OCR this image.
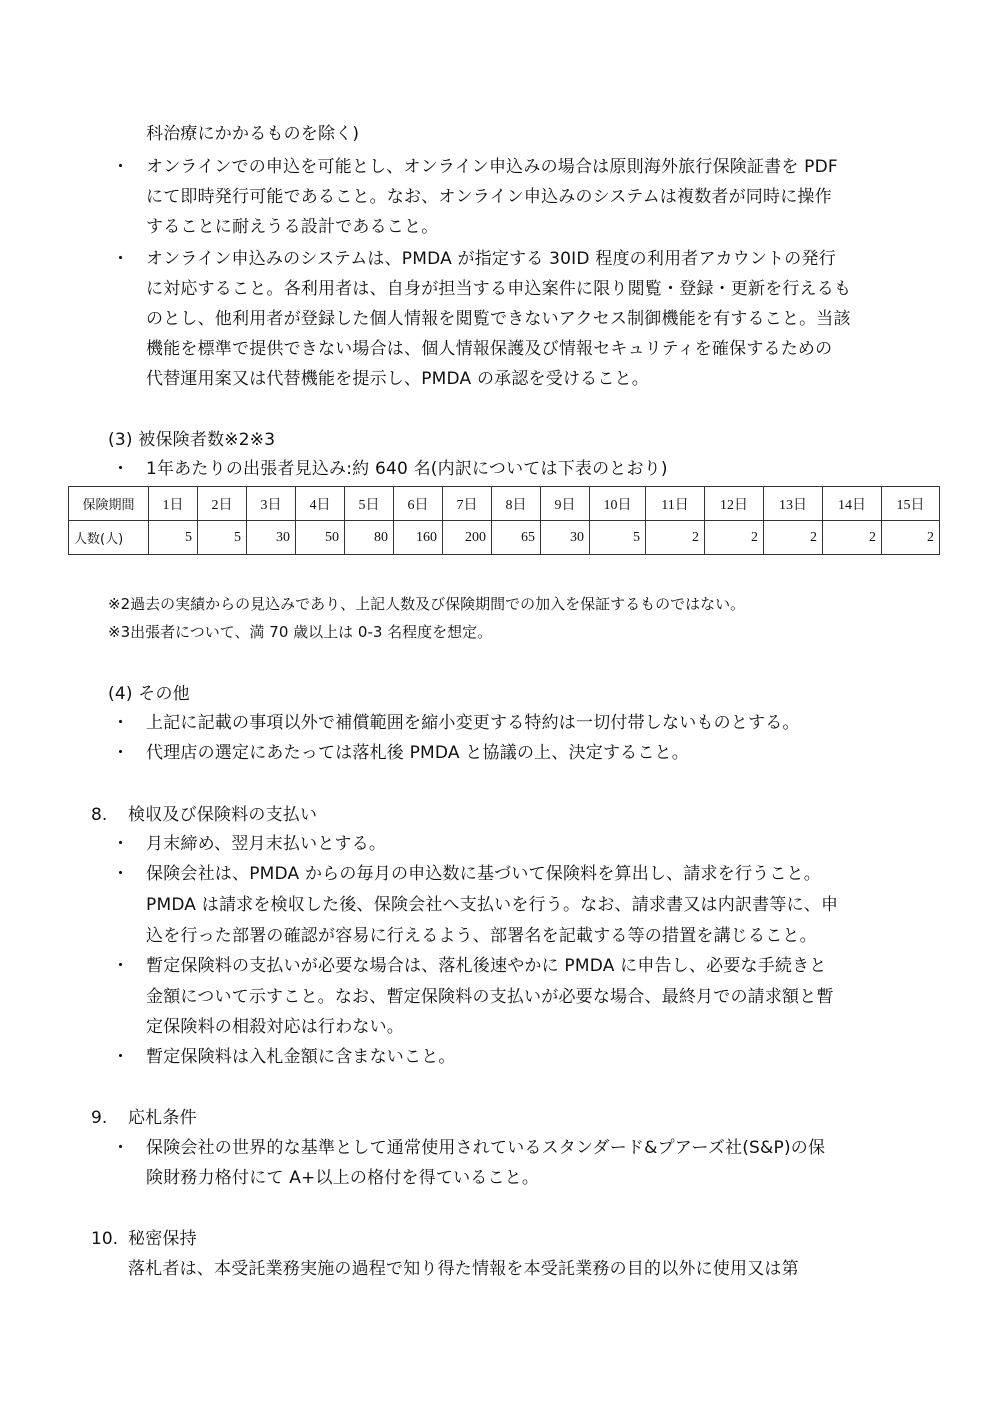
科治療にかかるものを除く)
・ オンラインでの申込を可能とし、オンライン申込みの場合は原則海外旅行保険証書を PDF
にて即時発行可能であること。なお、オンライン申込みのシステムは複数者が同時に操作
することに耐えうる設計であること。
・ オンライン申込みのシステムは、PMDA が指定する 30ID 程度の利用者アカウントの発行
に対応すること。各利用者は、自身が担当する申込案件に限り閲覧・登録・更新を行えるも
のとし、他利用者が登録した個人情報を閲覧できないアクセス制御機能を有すること。当該
機能を標準で提供できない場合は、個人情報保護及び情報セキュリティを確保するための
代替運用案又は代替機能を提示し、PMDA の承認を受けること。
(3) 被保険者数※2※3
・ 1年あたりの出張者見込み:約 640 名(内訳については下表のとおり)
保険期間	1日	2日	3日	4日	5日	6日	7日	8日	9日	10日	11日	12日	13日	14日	15日
人数(人)	5	5	30	50	80	160	200	65	30	5	2	2	2	2	2
※2過去の実績からの見込みであり、上記人数及び保険期間での加入を保証するものではない。
※3出張者について、満 70 歳以上は 0-3 名程度を想定。
(4) その他
・ 上記に記載の事項以外で補償範囲を縮小変更する特約は一切付帯しないものとする。
・ 代理店の選定にあたっては落札後 PMDA と協議の上、決定すること。
8. 検収及び保険料の支払い
・ 月末締め、翌月末払いとする。
・ 保険会社は、PMDA からの毎月の申込数に基づいて保険料を算出し、請求を行うこと。
PMDA は請求を検収した後、保険会社へ支払いを行う。なお、請求書又は内訳書等に、申
込を行った部署の確認が容易に行えるよう、部署名を記載する等の措置を講じること。
・ 暫定保険料の支払いが必要な場合は、落札後速やかに PMDA に申告し、必要な手続きと
金額について示すこと。なお、暫定保険料の支払いが必要な場合、最終月での請求額と暫
定保険料の相殺対応は行わない。
・ 暫定保険料は入札金額に含まないこと。
9. 応札条件
・ 保険会社の世界的な基準として通常使用されているスタンダード&プアーズ社(S&P)の保
険財務力格付にて A+以上の格付を得ていること。
10. 秘密保持
落札者は、本受託業務実施の過程で知り得た情報を本受託業務の目的以外に使用又は第
